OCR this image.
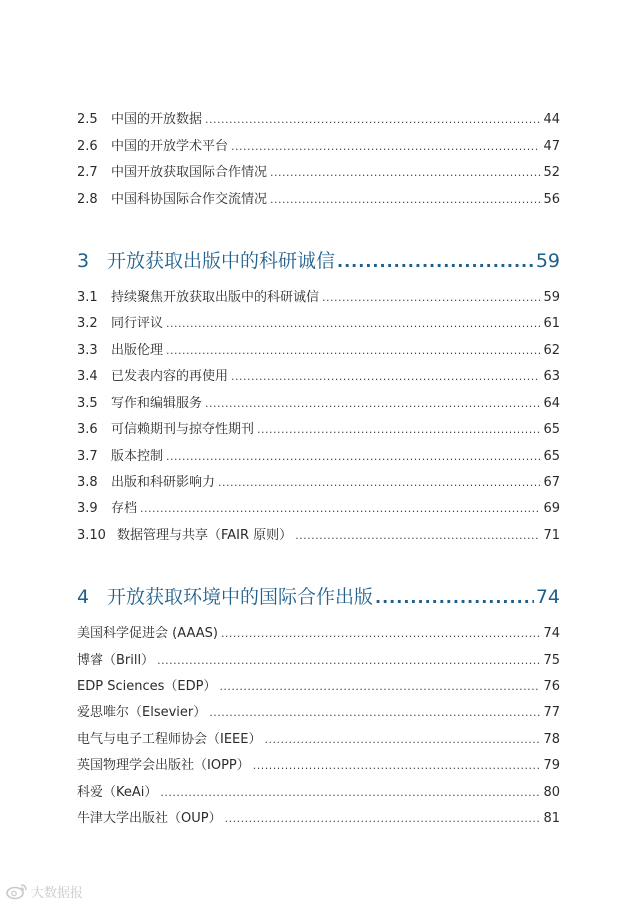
2.5	中国的开放数据 .....	44
2.6	中国的开放学术平台 .....	47
2.7	中国开放获取国际合作情况 .....	52
2.8	中国科协国际合作交流情况 .....	56
3 开放获取出版中的科研诚信 .....	59
3.1	持续聚焦开放获取出版中的科研诚信 .....	59
3.2	同行评议 .....	61
3.3	出版伦理 .....	62
3.4	已发表内容的再使用 .....	63
3.5	写作和编辑服务 .....	64
3.6	可信赖期刊与掠夺性期刊 .....	65
3.7	版本控制 .....	65
3.8	出版和科研影响力 .....	67
3.9	存档 .....	69
3.10 数据管理与共享（FAIR 原则） .....	71
4 开放获取环境中的国际合作出版 .....	74
美国科学促进会 (AAAS) .....	74
博睿（Brill） .....	75
EDP Sciences（EDP） .....	76
爱思唯尔（Elsevier） .....	77
电气与电子工程师协会（IEEE） .....	78
英国物理学会出版社（IOPP） .....	79
科爱（KeAi） .....	80
牛津大学出版社（OUP） .....	81
大数据报
